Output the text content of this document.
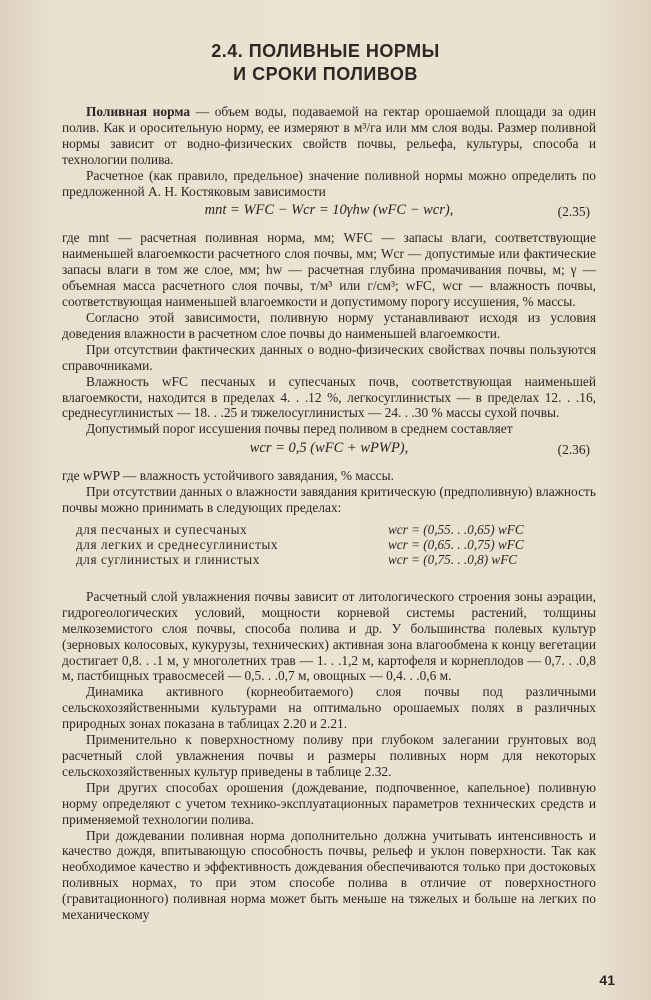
2.4. ПОЛИВНЫЕ НОРМЫ
И СРОКИ ПОЛИВОВ

Поливная норма — объем воды, подаваемой на гектар орошаемой площади за один полив. Как и оросительную норму, ее измеряют в м³/га или мм слоя воды. Размер поливной нормы зависит от водно-физических свойств почвы, рельефа, культуры, способа и технологии полива.

Расчетное (как правило, предельное) значение поливной нормы можно определить по предложенной А. Н. Костяковым зависимости

mnt = WFC − Wcr = 10γhw (wFC − wcr),	(2.35)

где mnt — расчетная поливная норма, мм; WFC — запасы влаги, соответствующие наименьшей влагоемкости расчетного слоя почвы, мм; Wcr — допустимые или фактические запасы влаги в том же слое, мм; hw — расчетная глубина промачивания почвы, м; γ — объемная масса расчетного слоя почвы, т/м³ или г/см³; wFC, wcr — влажность почвы, соответствующая наименьшей влагоемкости и допустимому порогу иссушения, % массы.

Согласно этой зависимости, поливную норму устанавливают исходя из условия доведения влажности в расчетном слое почвы до наименьшей влагоемкости.

При отсутствии фактических данных о водно-физических свойствах почвы пользуются справочниками.

Влажность wFC песчаных и супесчаных почв, соответствующая наименьшей влагоемкости, находится в пределах 4. . .12 %, легкосуглинистых — в пределах 12. . .16, среднесуглинистых — 18. . .25 и тяжелосуглинистых — 24. . .30 % массы сухой почвы.

Допустимый порог иссушения почвы перед поливом в среднем составляет

wcr = 0,5 (wFC + wPWP),	(2.36)

где wPWP — влажность устойчивого завядания, % массы.

При отсутствии данных о влажности завядания критическую (предполивную) влажность почвы можно принимать в следующих пределах:

для песчаных и супесчаных	wcr = (0,55. . .0,65) wFC
для легких и среднесуглинистых	wcr = (0,65. . .0,75) wFC
для суглинистых и глинистых	wcr = (0,75. . .0,8) wFC

Расчетный слой увлажнения почвы зависит от литологического строения зоны аэрации, гидрогеологических условий, мощности корневой системы растений, толщины мелкоземистого слоя почвы, способа полива и др. У большинства полевых культур (зерновых колосовых, кукурузы, технических) активная зона влагообмена к концу вегетации достигает 0,8. . .1 м, у многолетних трав — 1. . .1,2 м, картофеля и корнеплодов — 0,7. . .0,8 м, пастбищных травосмесей — 0,5. . .0,7 м, овощных — 0,4. . .0,6 м.

Динамика активного (корнеобитаемого) слоя почвы под различными сельскохозяйственными культурами на оптимально орошаемых полях в различных природных зонах показана в таблицах 2.20 и 2.21.

Применительно к поверхностному поливу при глубоком залегании грунтовых вод расчетный слой увлажнения почвы и размеры поливных норм для некоторых сельскохозяйственных культур приведены в таблице 2.32.

При других способах орошения (дождевание, подпочвенное, капельное) поливную норму определяют с учетом технико-эксплуатационных параметров технических средств и применяемой технологии полива.

При дождевании поливная норма дополнительно должна учитывать интенсивность и качество дождя, впитывающую способность почвы, рельеф и уклон поверхности. Так как необходимое качество и эффективность дождевания обеспечиваются только при достоковых поливных нормах, то при этом способе полива в отличие от поверхностного (гравитационного) поливная норма может быть меньше на тяжелых и больше на легких по механическому

41
